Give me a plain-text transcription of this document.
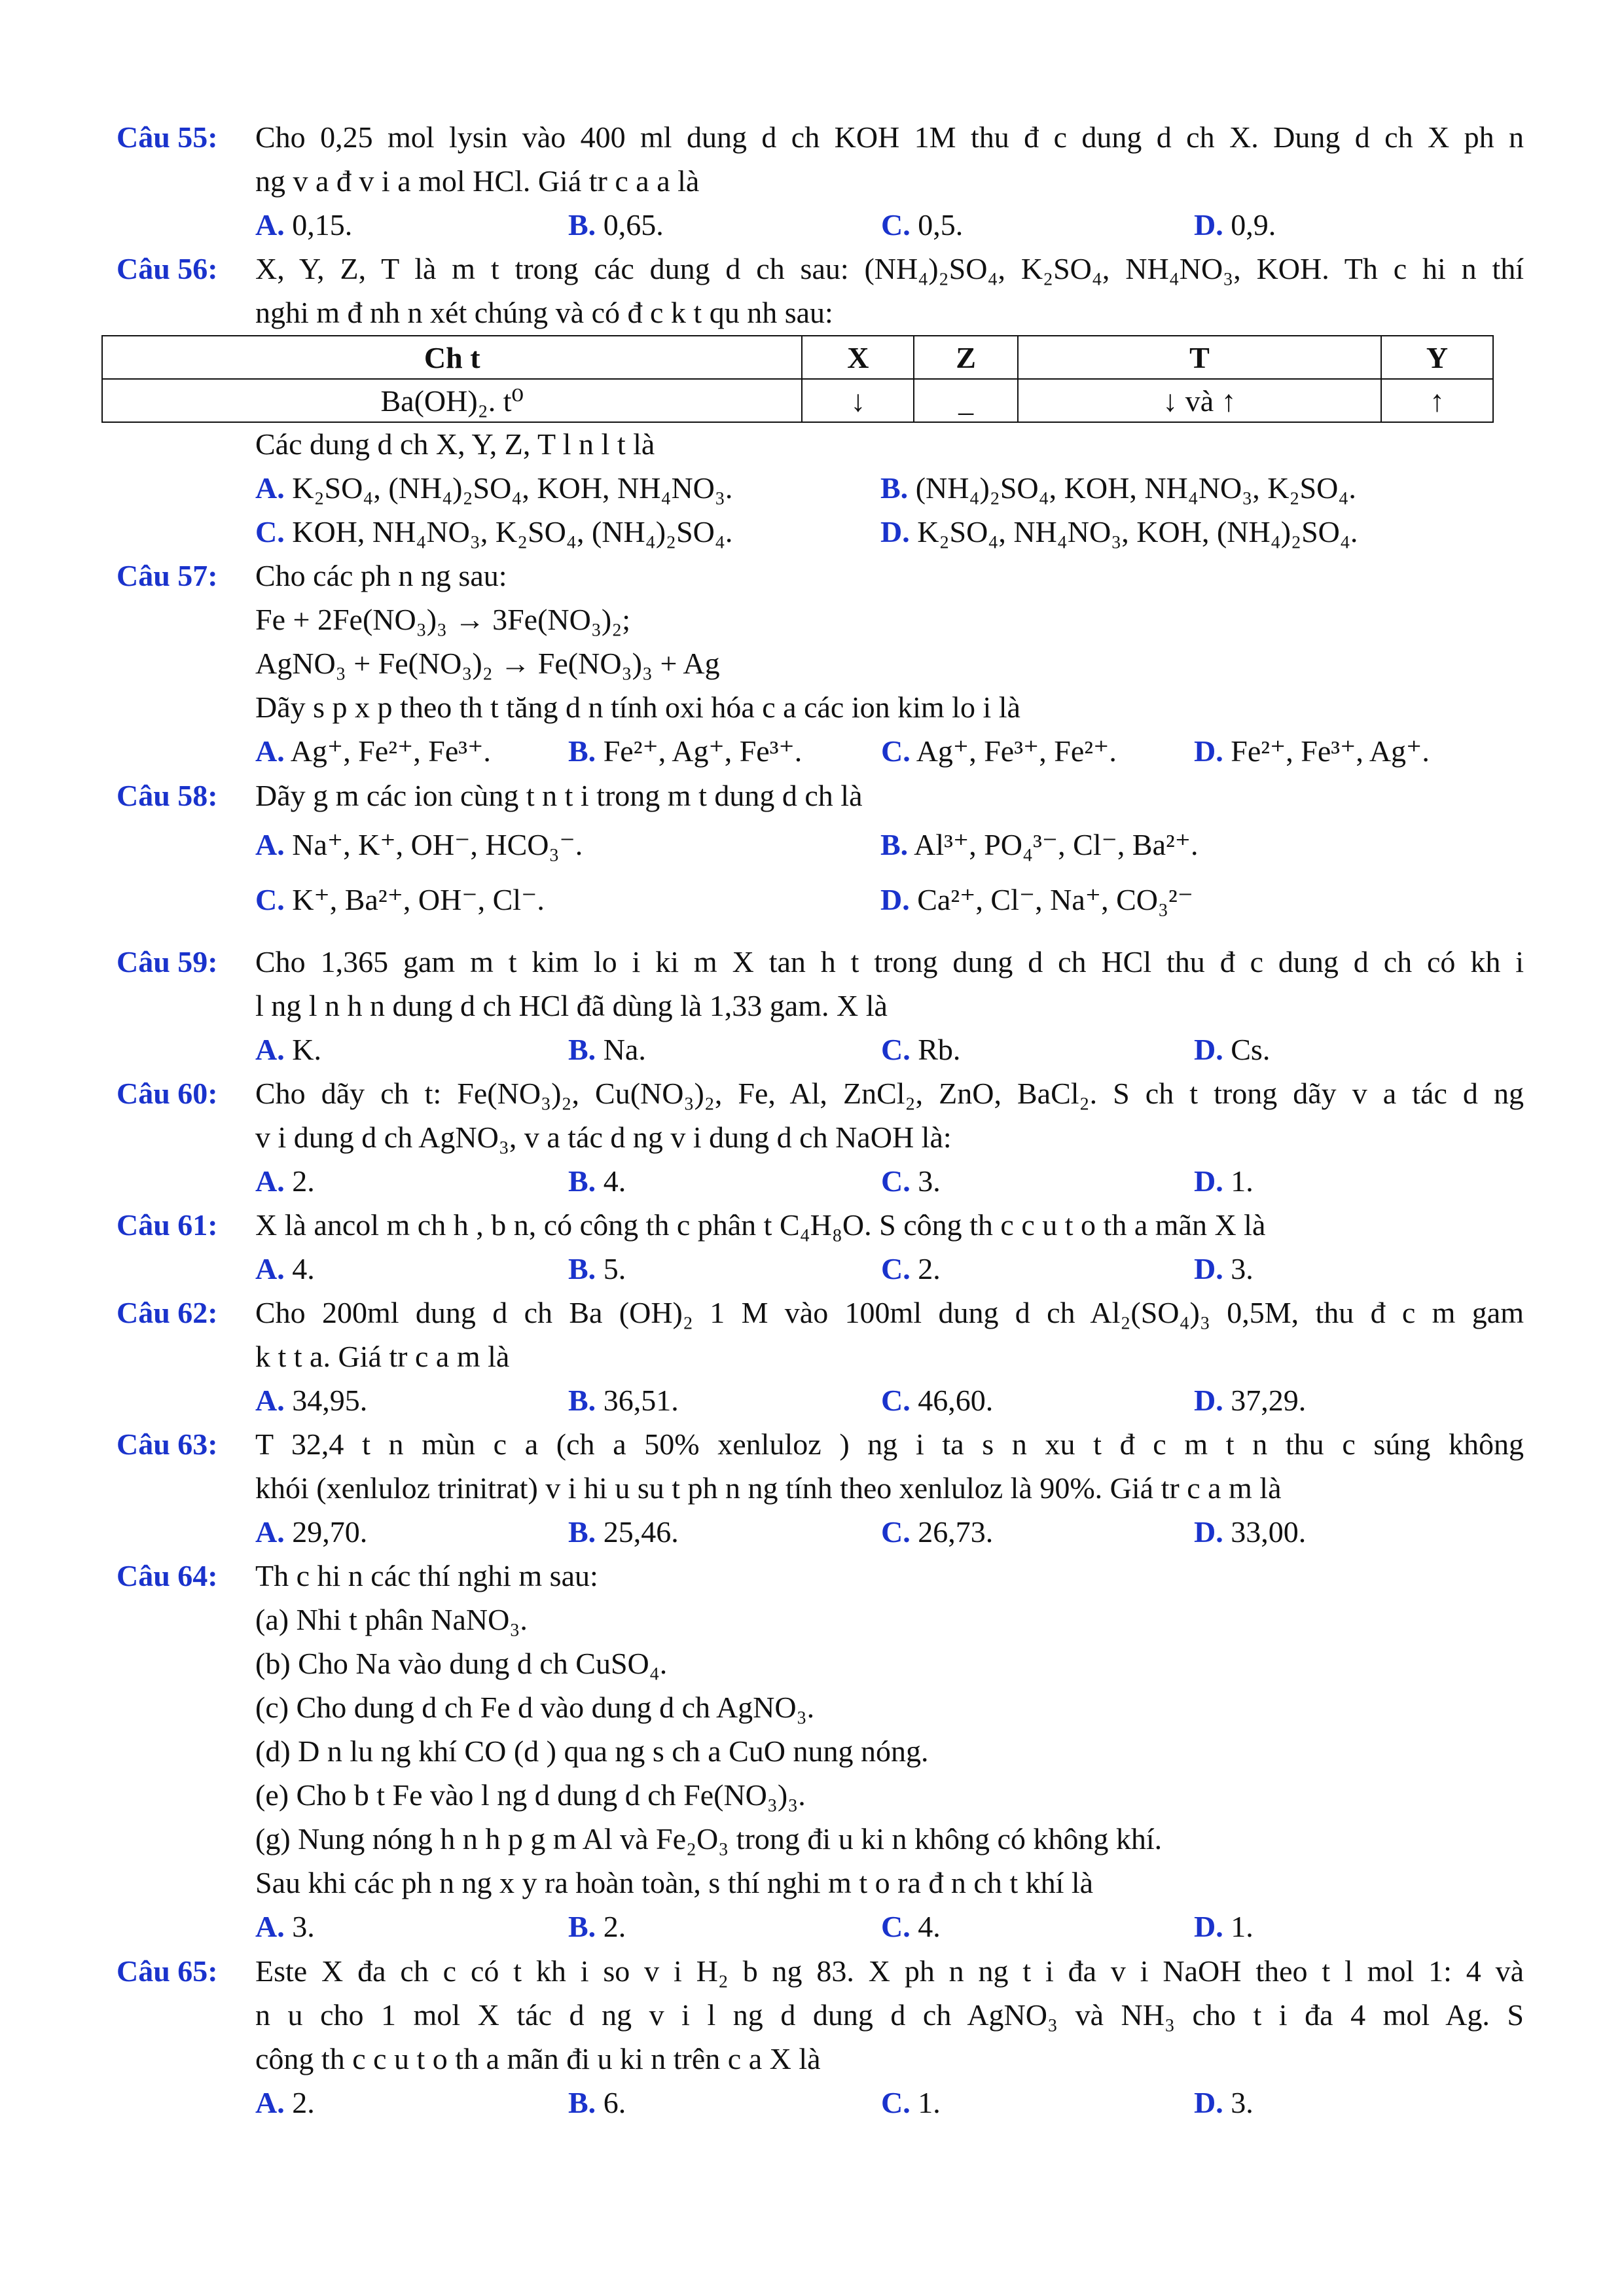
Câu 55:	Cho 0,25 mol lysin vào 400 ml dung d ch KOH 1M thu đ c dung d ch X. Dung d ch X ph n
ng v a đ v i a mol HCl. Giá tr c a a là
A. 0,15.	B. 0,65.	C. 0,5.	D. 0,9.
Câu 56:	X, Y, Z, T là m t trong các dung d ch sau: (NH₄)₂SO₄, K₂SO₄, NH₄NO₃, KOH. Th c hi n thí
nghi m đ nh n xét chúng và có đ c k t qu nh sau:
Ch t	X	Z	T	Y
Ba(OH)₂. t⁰	↓	_	↓ và ↑	↑
Các dung d ch X, Y, Z, T l n l t là
A. K₂SO₄, (NH₄)₂SO₄, KOH, NH₄NO₃.	B. (NH₄)₂SO₄, KOH, NH₄NO₃, K₂SO₄.
C. KOH, NH₄NO₃, K₂SO₄, (NH₄)₂SO₄.	D. K₂SO₄, NH₄NO₃, KOH, (NH₄)₂SO₄.
Câu 57:	Cho các ph n ng sau:
Fe + 2Fe(NO₃)₃ → 3Fe(NO₃)₂;
AgNO₃ + Fe(NO₃)₂ → Fe(NO₃)₃ + Ag
Dãy s p x p theo th t tăng d n tính oxi hóa c a các ion kim lo i là
A. Ag⁺, Fe²⁺, Fe³⁺.	B. Fe²⁺, Ag⁺, Fe³⁺.	C. Ag⁺, Fe³⁺, Fe²⁺.	D. Fe²⁺, Fe³⁺, Ag⁺.
Câu 58:	Dãy g m các ion cùng t n t i trong m t dung d ch là
A. Na⁺, K⁺, OH⁻, HCO₃⁻.	B. Al³⁺, PO₄³⁻, Cl⁻, Ba²⁺.
C. K⁺, Ba²⁺, OH⁻, Cl⁻.	D. Ca²⁺, Cl⁻, Na⁺, CO₃²⁻
Câu 59:	Cho 1,365 gam m t kim lo i ki m X tan h t trong dung d ch HCl thu đ c dung d ch có kh i
l ng l n h n dung d ch HCl đã dùng là 1,33 gam. X là
A. K.	B. Na.	C. Rb.	D. Cs.
Câu 60:	Cho dãy ch t: Fe(NO₃)₂, Cu(NO₃)₂, Fe, Al, ZnCl₂, ZnO, BaCl₂. S ch t trong dãy v a tác d ng
v i dung d ch AgNO₃, v a tác d ng v i dung d ch NaOH là:
A. 2.	B. 4.	C. 3.	D. 1.
Câu 61:	X là ancol m ch h , b n, có công th c phân t C₄H₈O. S công th c c u t o th a mãn X là
A. 4.	B. 5.	C. 2.	D. 3.
Câu 62:	Cho 200ml dung d ch Ba (OH)₂ 1 M vào 100ml dung d ch Al₂(SO₄)₃ 0,5M, thu đ c m gam
k t t a. Giá tr c a m là
A. 34,95.	B. 36,51.	C. 46,60.	D. 37,29.
Câu 63:	T 32,4 t n mùn c a (ch a 50% xenluloz ) ng i ta s n xu t đ c m t n thu c súng không
khói (xenluloz trinitrat) v i hi u su t ph n ng tính theo xenluloz là 90%. Giá tr c a m là
A. 29,70.	B. 25,46.	C. 26,73.	D. 33,00.
Câu 64:	Th c hi n các thí nghi m sau:
(a) Nhi t phân NaNO₃.
(b) Cho Na vào dung d ch CuSO₄.
(c) Cho dung d ch Fe d vào dung d ch AgNO₃.
(d) D n lu ng khí CO (d ) qua ng s ch a CuO nung nóng.
(e) Cho b t Fe vào l ng d dung d ch Fe(NO₃)₃.
(g) Nung nóng h n h p g m Al và Fe₂O₃ trong đi u ki n không có không khí.
Sau khi các ph n ng x y ra hoàn toàn, s thí nghi m t o ra đ n ch t khí là
A. 3.	B. 2.	C. 4.	D. 1.
Câu 65:	Este X đa ch c có t kh i so v i H₂ b ng 83. X ph n ng t i đa v i NaOH theo t l mol 1: 4 và
n u cho 1 mol X tác d ng v i l ng d dung d ch AgNO₃ và NH₃ cho t i đa 4 mol Ag. S
công th c c u t o th a mãn đi u ki n trên c a X là
A. 2.	B. 6.	C. 1.	D. 3.
